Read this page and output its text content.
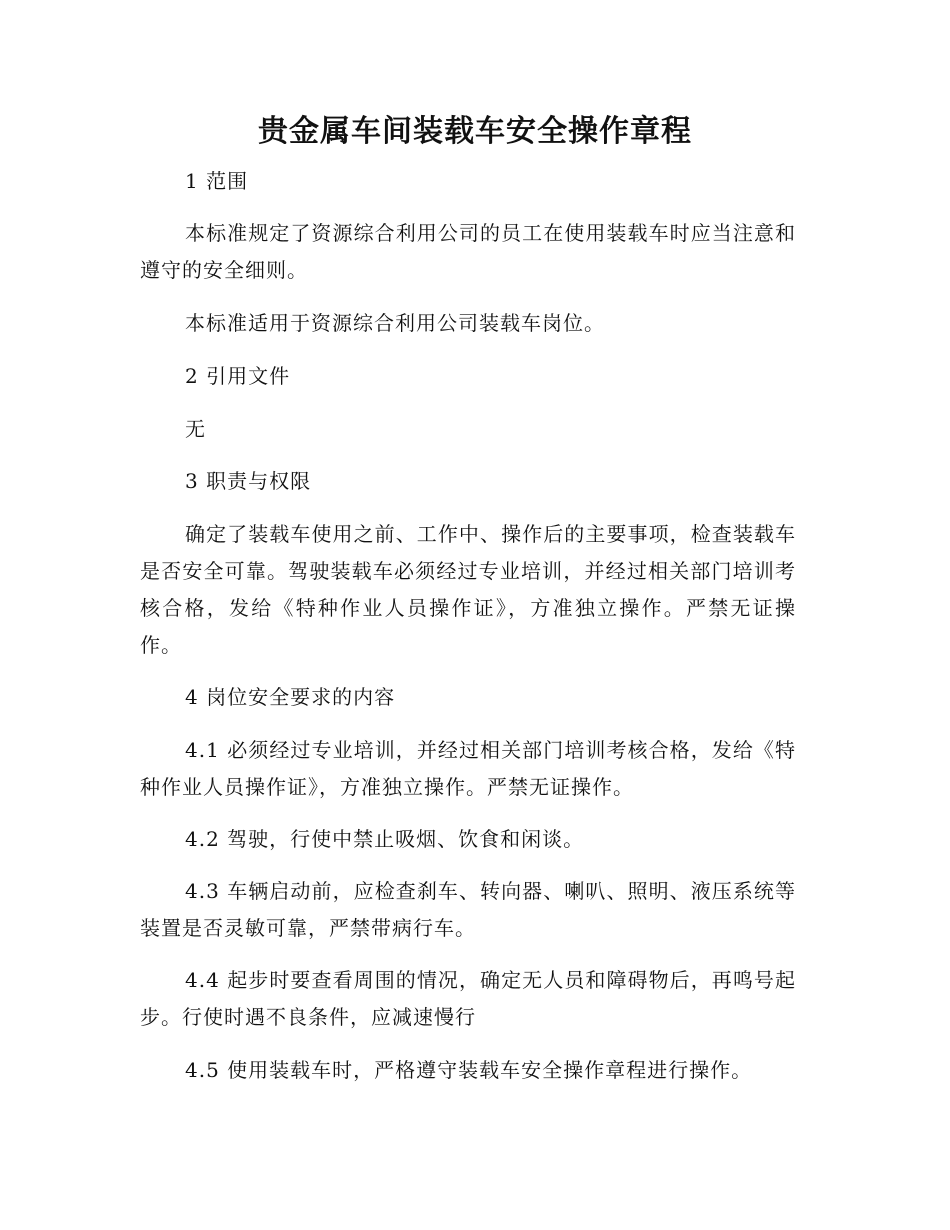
贵金属车间装载车安全操作章程

1 范围

本标准规定了资源综合利用公司的员工在使用装载车时应当注意和遵守的安全细则。

本标准适用于资源综合利用公司装载车岗位。

2 引用文件

无

3 职责与权限

确定了装载车使用之前、工作中、操作后的主要事项，检查装载车是否安全可靠。驾驶装载车必须经过专业培训，并经过相关部门培训考核合格，发给《特种作业人员操作证》，方准独立操作。严禁无证操作。

4 岗位安全要求的内容

4.1 必须经过专业培训，并经过相关部门培训考核合格，发给《特种作业人员操作证》，方准独立操作。严禁无证操作。

4.2 驾驶，行使中禁止吸烟、饮食和闲谈。

4.3 车辆启动前，应检查刹车、转向器、喇叭、照明、液压系统等装置是否灵敏可靠，严禁带病行车。

4.4 起步时要查看周围的情况，确定无人员和障碍物后，再鸣号起步。行使时遇不良条件，应减速慢行

4.5 使用装载车时，严格遵守装载车安全操作章程进行操作。
